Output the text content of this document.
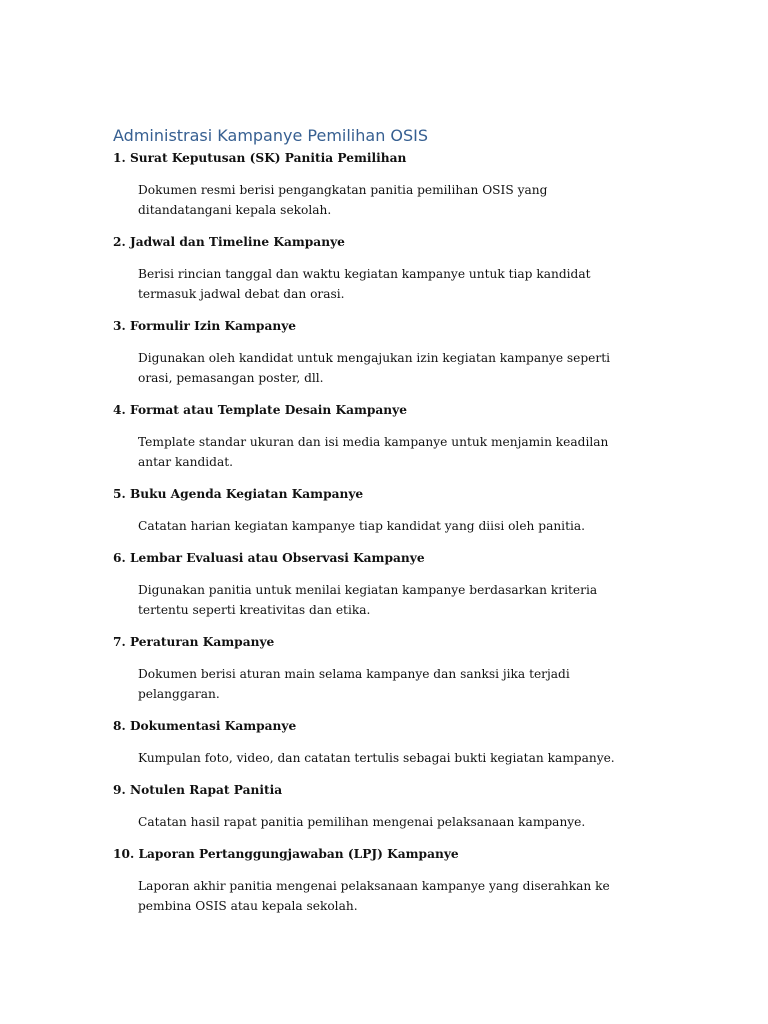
Administrasi Kampanye Pemilihan OSIS

1. Surat Keputusan (SK) Panitia Pemilihan

Dokumen resmi berisi pengangkatan panitia pemilihan OSIS yang ditandatangani kepala sekolah.

2. Jadwal dan Timeline Kampanye

Berisi rincian tanggal dan waktu kegiatan kampanye untuk tiap kandidat termasuk jadwal debat dan orasi.

3. Formulir Izin Kampanye

Digunakan oleh kandidat untuk mengajukan izin kegiatan kampanye seperti orasi, pemasangan poster, dll.

4. Format atau Template Desain Kampanye

Template standar ukuran dan isi media kampanye untuk menjamin keadilan antar kandidat.

5. Buku Agenda Kegiatan Kampanye

Catatan harian kegiatan kampanye tiap kandidat yang diisi oleh panitia.

6. Lembar Evaluasi atau Observasi Kampanye

Digunakan panitia untuk menilai kegiatan kampanye berdasarkan kriteria tertentu seperti kreativitas dan etika.

7. Peraturan Kampanye

Dokumen berisi aturan main selama kampanye dan sanksi jika terjadi pelanggaran.

8. Dokumentasi Kampanye

Kumpulan foto, video, dan catatan tertulis sebagai bukti kegiatan kampanye.

9. Notulen Rapat Panitia

Catatan hasil rapat panitia pemilihan mengenai pelaksanaan kampanye.

10. Laporan Pertanggungjawaban (LPJ) Kampanye

Laporan akhir panitia mengenai pelaksanaan kampanye yang diserahkan ke pembina OSIS atau kepala sekolah.
